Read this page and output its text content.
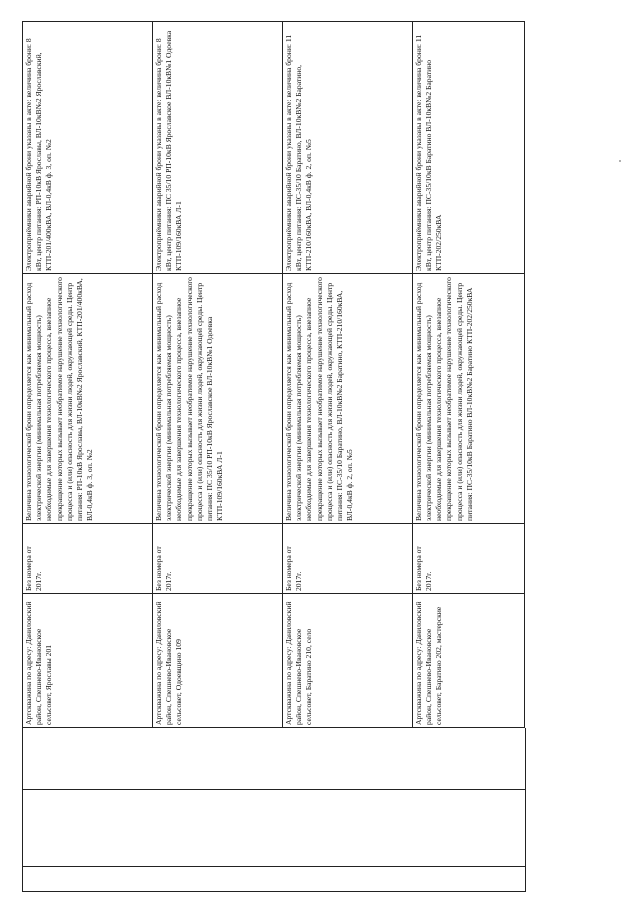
Артскважина по адресу: Даниловский район, Спешнево-Ивановское сельсовет, Ярославы 201	Без номера от 2017г.	Величина технологической брони определяется как минимальный расход электрической энергии (минимальная потребляемая мощность) необходимые для завершения технологического процесса, внезапное прекращение которых вызывает необратимое нарушение технологического процесса и (или) опасность для жизни людей, окружающей среды. Центр питания: РП-10кВ Ярославы, ВЛ-10кВ№2 Ярославский, КТП-201/400кВА, ВЛ-0,4кВ ф. 3, оп. №2	Электроприёмники аварийной брони указаны в акте: величина брони: 8 кВт, центр питания: РП-10кВ Ярославы, ВЛ-10кВ№2 Ярославский, КТП-201/400кВА, ВЛ-0,4кВ ф. 3, оп. №2
Артскважина по адресу: Даниловский район, Спешнево-Ивановское сельсовет, Одоевщино 109	Без номера от 2017г.	Величина технологической брони определяется как минимальный расход электрической энергии (минимальная потребляемая мощность) необходимые для завершения технологического процесса, внезапное прекращение которых вызывает необратимое нарушение технологического процесса и (или) опасность для жизни людей, окружающей среды. Центр питания: ПС 35/10 РП-10кВ Ярославское ВЛ-10кВ№1 Одоевка КТП-109/160кВА Л-1	Электроприёмники аварийной брони указаны в акте: величина брони: 8 кВт, центр питания: ПС 35/10 РП-10кВ Ярославское ВЛ-10кВ№1 Одоевка КТП-109/160кВА Л-1
Артскважина по адресу: Даниловский район, Спешнево-Ивановское сельсовет, Баратино 210, село	Без номера от 2017г.	Величина технологической брони определяется как минимальный расход электрической энергии (минимальная потребляемая мощность) необходимые для завершения технологического процесса, внезапное прекращение которых вызывает необратимое нарушение технологического процесса и (или) опасность для жизни людей, окружающей среды. Центр питания: ПС-35/10 Баратино, ВЛ-10кВ№2 Баратино, КТП-210/160кВА, ВЛ-0,4кВ ф. 2, оп. №5	Электроприёмники аварийной брони указаны в акте: величина брони: 11 кВт, центр питания: ПС-35/10 Баратино, ВЛ-10кВ№2 Баратино, КТП-210/160кВА, ВЛ-0,4кВ ф. 2, оп. №5
Артскважина по адресу: Даниловский район, Спешнево-Ивановское сельсовет, Баратино 202, мастерские	Без номера от 2017г.	Величина технологической брони определяется как минимальный расход электрической энергии (минимальная потребляемая мощность) необходимые для завершения технологического процесса, внезапное прекращение которых вызывает необратимое нарушение технологического процесса и (или) опасность для жизни людей, окружающей среды. Центр питания: ПС-35/10кВ Баратино ВЛ-10кВ№2 Баратино КТП-202/250кВА	Электроприёмники аварийной брони указаны в акте: величина брони: 11 кВт, центр питания: ПС-35/10кВ Баратино ВЛ-10кВ№2 Баратино КТП-202/250кВА
